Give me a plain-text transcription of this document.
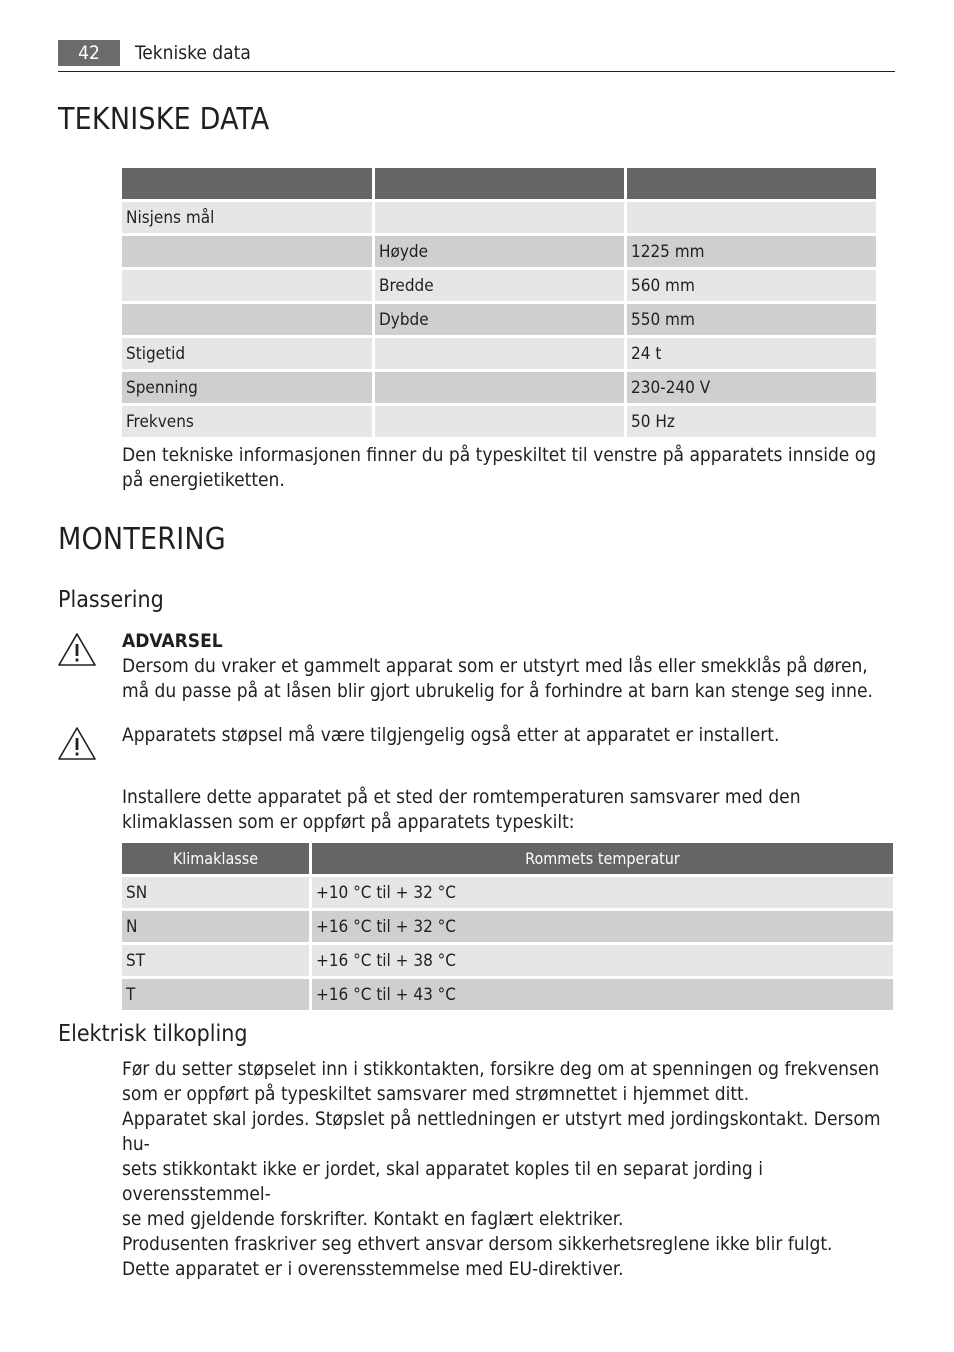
42	Tekniske data
TEKNISKE DATA

Nisjens mål		
	Høyde	1225 mm
	Bredde	560 mm
	Dybde	550 mm
Stigetid		24 t
Spenning		230-240 V
Frekvens		50 Hz

Den tekniske informasjonen finner du på typeskiltet til venstre på apparatets innside og på energietiketten.

MONTERING
Plassering

ADVARSEL

Dersom du vraker et gammelt apparat som er utstyrt med lås eller smekklås på døren, må du passe på at låsen blir gjort ubrukelig for å forhindre at barn kan stenge seg inne.

Apparatets støpsel må være tilgjengelig også etter at apparatet er installert.

Installere dette apparatet på et sted der romtemperaturen samsvarer med den klimaklassen som er oppført på apparatets typeskilt:

Klimaklasse	Rommets temperatur
SN	+10 °C til + 32 °C
N	+16 °C til + 32 °C
ST	+16 °C til + 38 °C
T	+16 °C til + 43 °C
Elektrisk tilkopling
Før du setter støpselet inn i stikkontakten, forsikre deg om at spenningen og frekvensen
som er oppført på typeskiltet samsvarer med strømnettet i hjemmet ditt.
Apparatet skal jordes. Støpslet på nettledningen er utstyrt med jordingskontakt. Dersom hu-
sets stikkontakt ikke er jordet, skal apparatet koples til en separat jording i overensstemmel-
se med gjeldende forskrifter. Kontakt en faglært elektriker.
Produsenten fraskriver seg ethvert ansvar dersom sikkerhetsreglene ikke blir fulgt.
Dette apparatet er i overensstemmelse med EU-direktiver.
